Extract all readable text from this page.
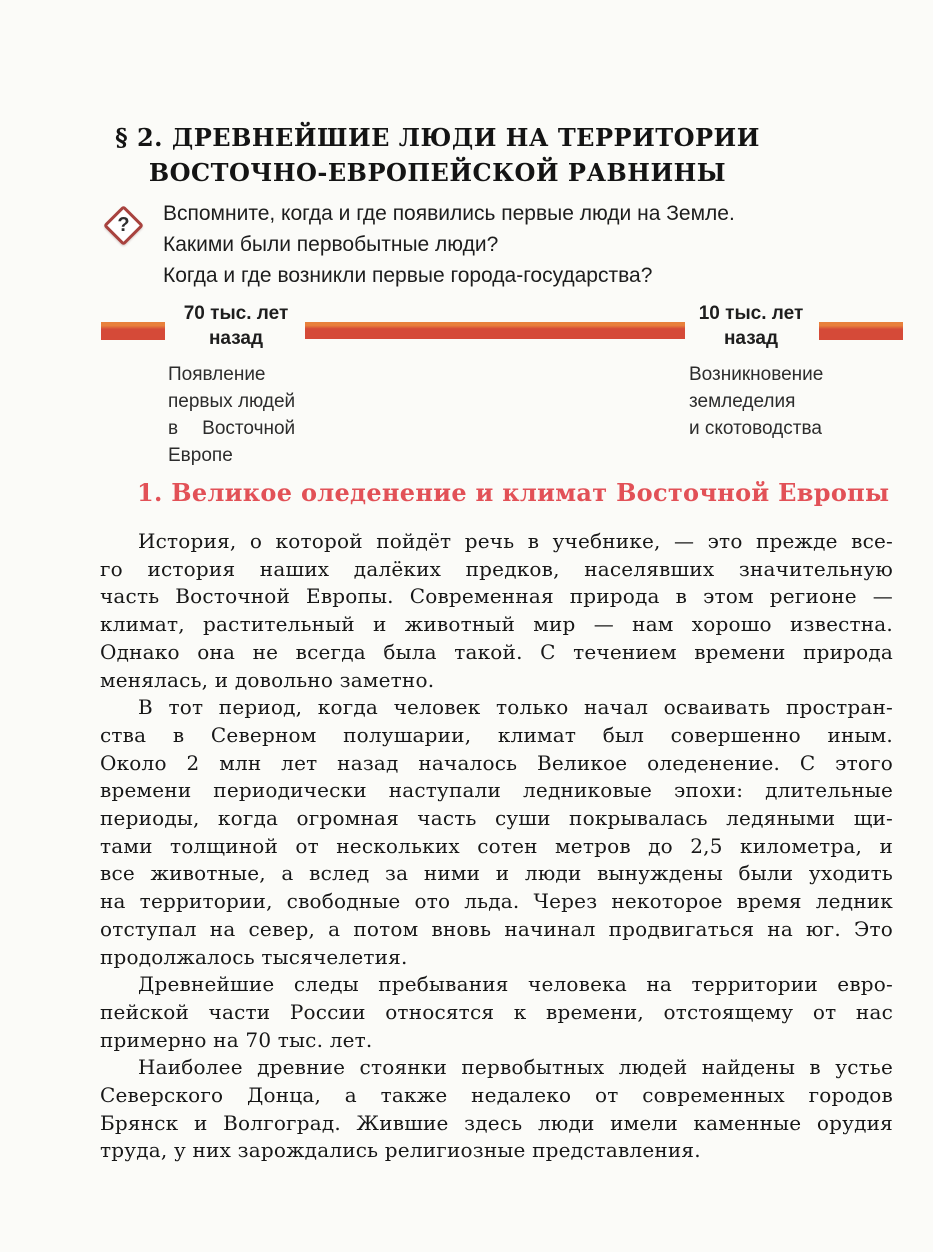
§ 2. ДРЕВНЕЙШИЕ ЛЮДИ НА ТЕРРИТОРИИ
ВОСТОЧНО-ЕВРОПЕЙСКОЙ РАВНИНЫ
? Вспомните, когда и где появились первые люди на Земле.
Какими были первобытные люди?
Когда и где возникли первые города-государства?
70 тыс. лет
назад
10 тыс. лет
назад
Появление
первых людей
в Восточной
Европе
Возникновение
земледелия
и скотоводства
1. Великое оледенение и климат Восточной Европы
История, о которой пойдёт речь в учебнике, — это прежде все-
го история наших далёких предков, населявших значительную
часть Восточной Европы. Современная природа в этом регионе —
климат, растительный и животный мир — нам хорошо известна.
Однако она не всегда была такой. С течением времени природа
менялась, и довольно заметно.
В тот период, когда человек только начал осваивать простран-
ства в Северном полушарии, климат был совершенно иным.
Около 2 млн лет назад началось Великое оледенение. С этого
времени периодически наступали ледниковые эпохи: длительные
периоды, когда огромная часть суши покрывалась ледяными щи-
тами толщиной от нескольких сотен метров до 2,5 километра, и
все животные, а вслед за ними и люди вынуждены были уходить
на территории, свободные ото льда. Через некоторое время ледник
отступал на север, а потом вновь начинал продвигаться на юг. Это
продолжалось тысячелетия.
Древнейшие следы пребывания человека на территории евро-
пейской части России относятся к времени, отстоящему от нас
примерно на 70 тыс. лет.
Наиболее древние стоянки первобытных людей найдены в устье
Северского Донца, а также недалеко от современных городов
Брянск и Волгоград. Жившие здесь люди имели каменные орудия
труда, у них зарождались религиозные представления.
